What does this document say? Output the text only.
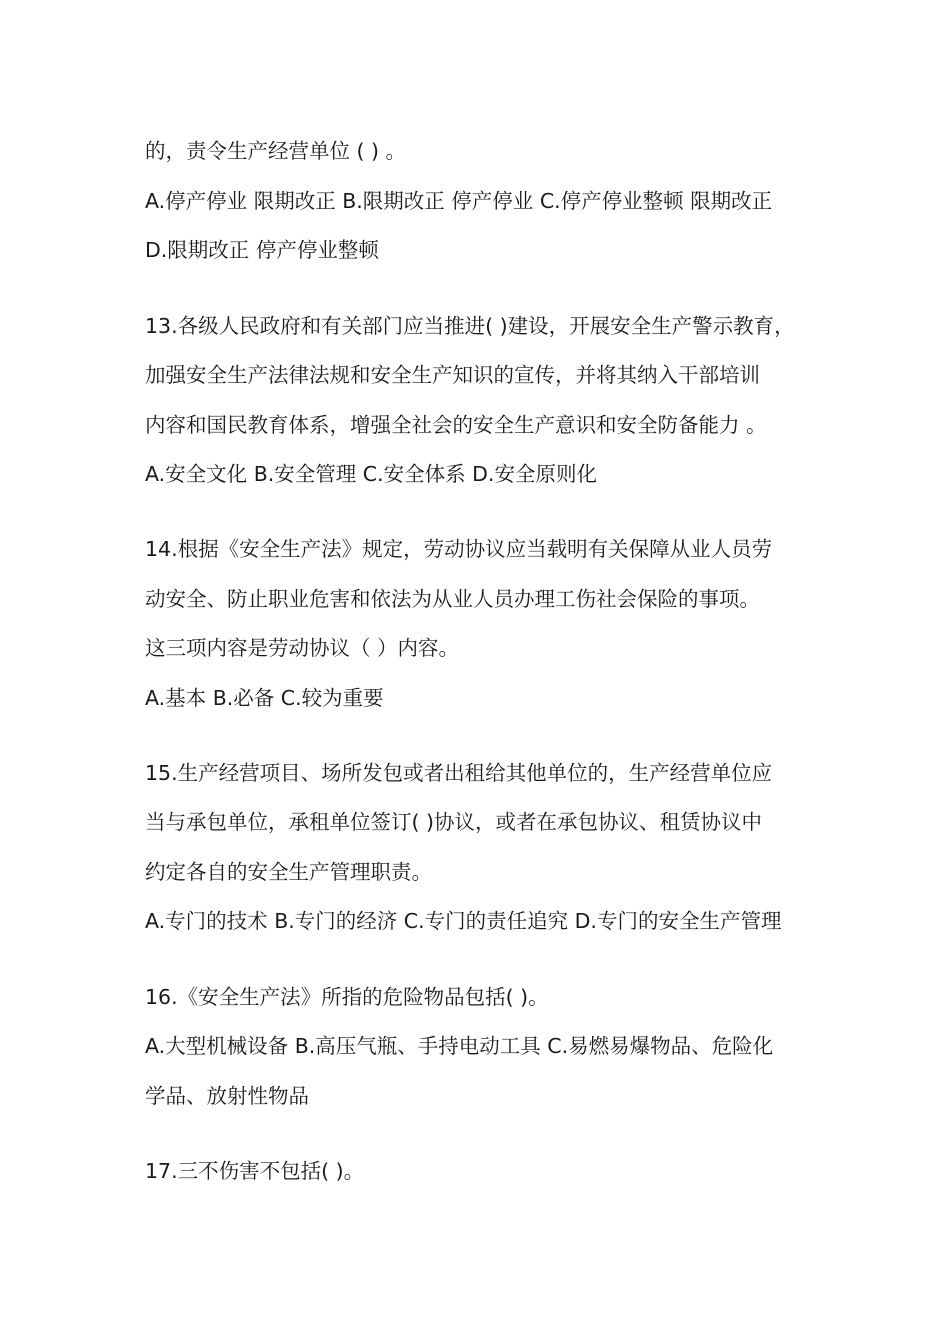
的，责令生产经营单位 ( ) 。
A.停产停业 限期改正 B.限期改正 停产停业 C.停产停业整顿 限期改正
D.限期改正 停产停业整顿
13.各级人民政府和有关部门应当推进( )建设，开展安全生产警示教育，
加强安全生产法律法规和安全生产知识的宣传，并将其纳入干部培训
内容和国民教育体系，增强全社会的安全生产意识和安全防备能力 。
A.安全文化 B.安全管理 C.安全体系 D.安全原则化
14.根据《安全生产法》规定，劳动协议应当载明有关保障从业人员劳
动安全、防止职业危害和依法为从业人员办理工伤社会保险的事项。
这三项内容是劳动协议（ ）内容。
A.基本 B.必备 C.较为重要
15.生产经营项目、场所发包或者出租给其他单位的，生产经营单位应
当与承包单位，承租单位签订( )协议，或者在承包协议、租赁协议中
约定各自的安全生产管理职责。
A.专门的技术 B.专门的经济 C.专门的责任追究 D.专门的安全生产管理
16.《安全生产法》所指的危险物品包括( )。
A.大型机械设备 B.高压气瓶、手持电动工具 C.易燃易爆物品、危险化
学品、放射性物品
17.三不伤害不包括( )。
